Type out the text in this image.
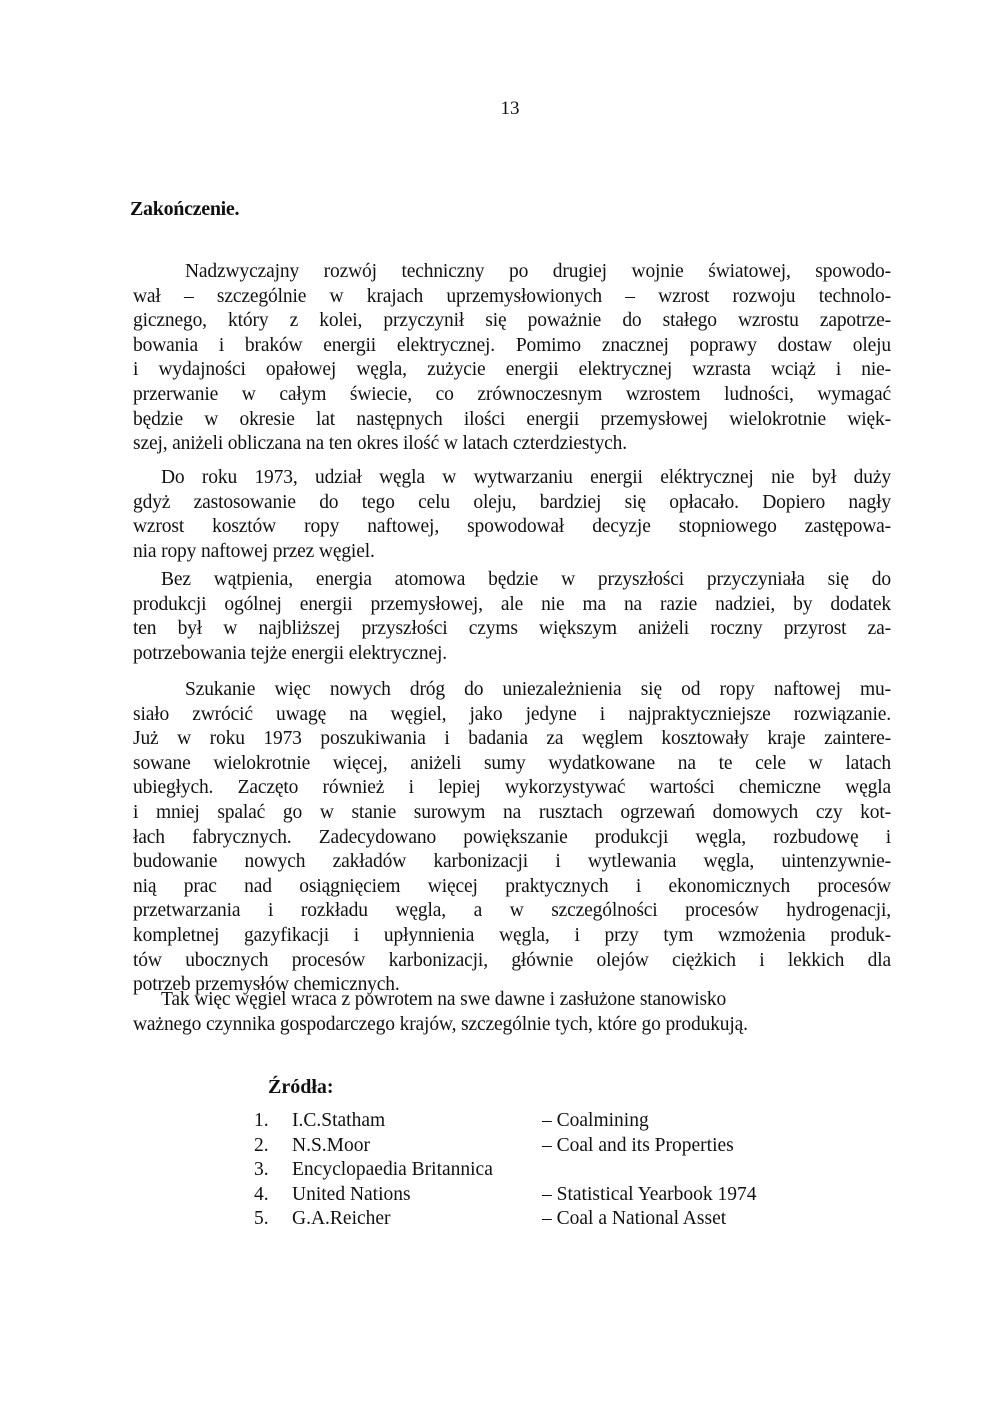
13
Zakończenie.
Nadzwyczajny rozwój techniczny po drugiej wojnie światowej, spowodo-
wał – szczególnie w krajach uprzemysłowionych – wzrost rozwoju technolo-
gicznego, który z kolei, przyczynił się poważnie do stałego wzrostu zapotrze-
bowania i braków energii elektrycznej. Pomimo znacznej poprawy dostaw oleju
i wydajności opałowej węgla, zużycie energii elektrycznej wzrasta wciąż i nie-
przerwanie w całym świecie, co zrównoczesnym wzrostem ludności, wymagać
będzie w okresie lat następnych ilości energii przemysłowej wielokrotnie więk-
szej, aniżeli obliczana na ten okres ilość w latach czterdziestych.
Do roku 1973, udział węgla w wytwarzaniu energii eléktrycznej nie był duży
gdyż zastosowanie do tego celu oleju, bardziej się opłacało. Dopiero nagły
wzrost kosztów ropy naftowej, spowodował decyzje stopniowego zastępowa-
nia ropy naftowej przez węgiel.
Bez wątpienia, energia atomowa będzie w przyszłości przyczyniała się do
produkcji ogólnej energii przemysłowej, ale nie ma na razie nadziei, by dodatek
ten był w najbliższej przyszłości czyms większym aniżeli roczny przyrost za-
potrzebowania tejże energii elektrycznej.
Szukanie więc nowych dróg do uniezależnienia się od ropy naftowej mu-
siało zwrócić uwagę na węgiel, jako jedyne i najpraktyczniejsze rozwiązanie.
Już w roku 1973 poszukiwania i badania za węglem kosztowały kraje zaintere-
sowane wielokrotnie więcej, aniżeli sumy wydatkowane na te cele w latach
ubiegłych. Zaczęto również i lepiej wykorzystywać wartości chemiczne węgla
i mniej spalać go w stanie surowym na rusztach ogrzewań domowych czy kot-
łach fabrycznych. Zadecydowano powiększanie produkcji węgla, rozbudowę i
budowanie nowych zakładów karbonizacji i wytlewania węgla, uintenzywnie-
nią prac nad osiągnięciem więcej praktycznych i ekonomicznych procesów
przetwarzania i rozkładu węgla, a w szczególności procesów hydrogenacji,
kompletnej gazyfikacji i upłynnienia węgla, i przy tym wzmożenia produk-
tów ubocznych procesów karbonizacji, głównie olejów ciężkich i lekkich dla
potrzeb przemysłów chemicznych.
Tak więc węgiel wraca z powrotem na swe dawne i zasłużone stanowisko
ważnego czynnika gospodarczego krajów, szczególnie tych, które go produkują.
Źródła:
1.	I.C.Statham	– Coalmining
2.	N.S.Moor	– Coal and its Properties
3.	Encyclopaedia Britannica
4.	United Nations	– Statistical Yearbook 1974
5.	G.A.Reicher	– Coal a National Asset
